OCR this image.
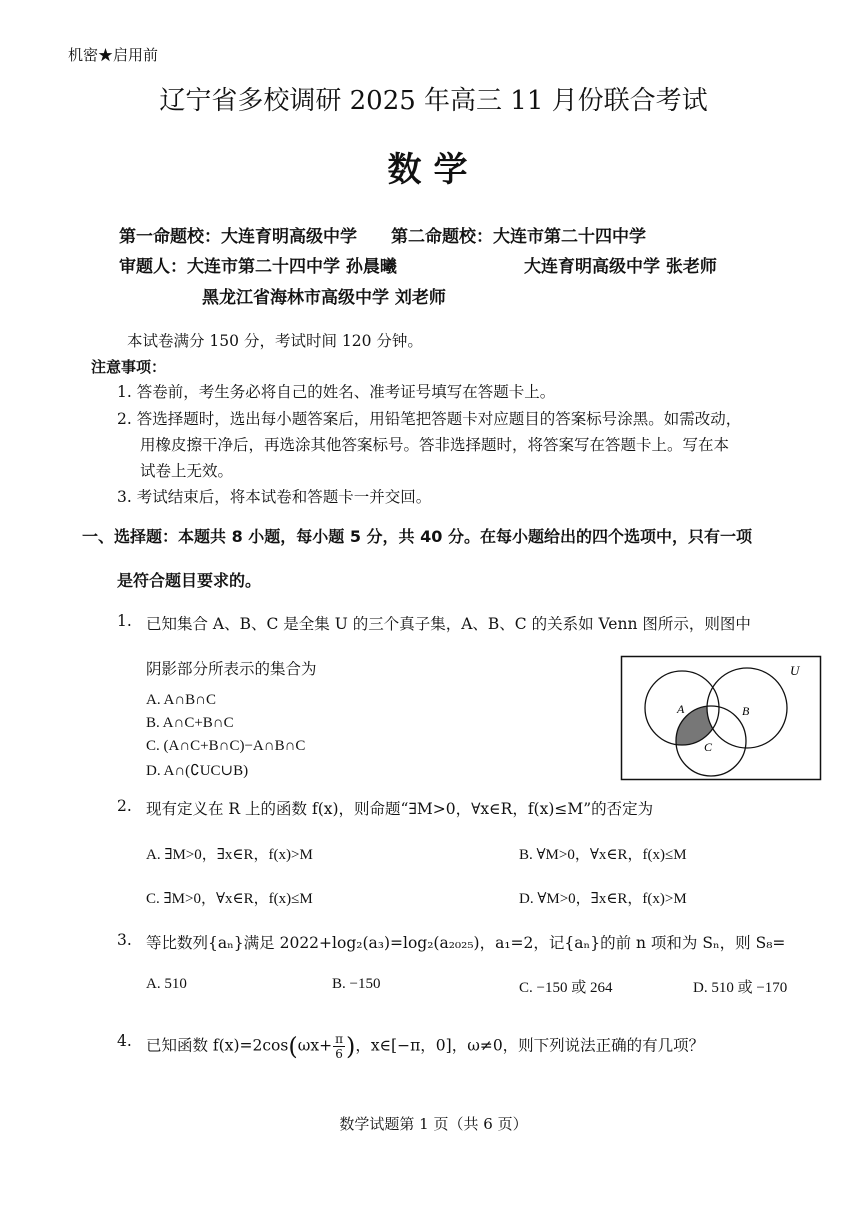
机密★启用前
辽宁省多校调研 2025 年高三 11 月份联合考试
数学
第一命题校：大连育明高级中学　　第二命题校：大连市第二十四中学
审题人：大连市第二十四中学 孙晨曦	大连育明高级中学 张老师
黑龙江省海林市高级中学 刘老师
本试卷满分 150 分，考试时间 120 分钟。
注意事项：
1. 答卷前，考生务必将自己的姓名、准考证号填写在答题卡上。
2. 答选择题时，选出每小题答案后，用铅笔把答题卡对应题目的答案标号涂黑。如需改动，
用橡皮擦干净后，再选涂其他答案标号。答非选择题时，将答案写在答题卡上。写在本
试卷上无效。
3. 考试结束后，将本试卷和答题卡一并交回。
一、选择题：本题共 8 小题，每小题 5 分，共 40 分。在每小题给出的四个选项中，只有一项
是符合题目要求的。
1. 已知集合 A、B、C 是全集 U 的三个真子集，A、B、C 的关系如 Venn 图所示，则图中
阴影部分所表示的集合为
A. A∩B∩C
B. A∩C+B∩C
C. (A∩C+B∩C)−A∩B∩C
D. A∩(∁UC∪B)
U
A	B
C
2. 现有定义在 R 上的函数 f(x)，则命题“∃M>0，∀x∈R，f(x)≤M”的否定为
A. ∃M>0，∃x∈R，f(x)>M	B. ∀M>0，∀x∈R，f(x)≤M
C. ∃M>0，∀x∈R，f(x)≤M	D. ∀M>0，∃x∈R，f(x)>M
3. 等比数列{aₙ}满足 2022+log₂(a₃)=log₂(a₂₀₂₅)，a₁=2，记{aₙ}的前 n 项和为 Sₙ，则 S₈=
A. 510	B. −150	C. −150 或 264	D. 510 或 −170
4. 已知函数 $f(x)=2\cos(\omega x+ \frac{\pi}{6}$ )，x∈[−π，0]，ω≠0，则下列说法正确的有几项？
数学试题第 1 页（共 6 页）
